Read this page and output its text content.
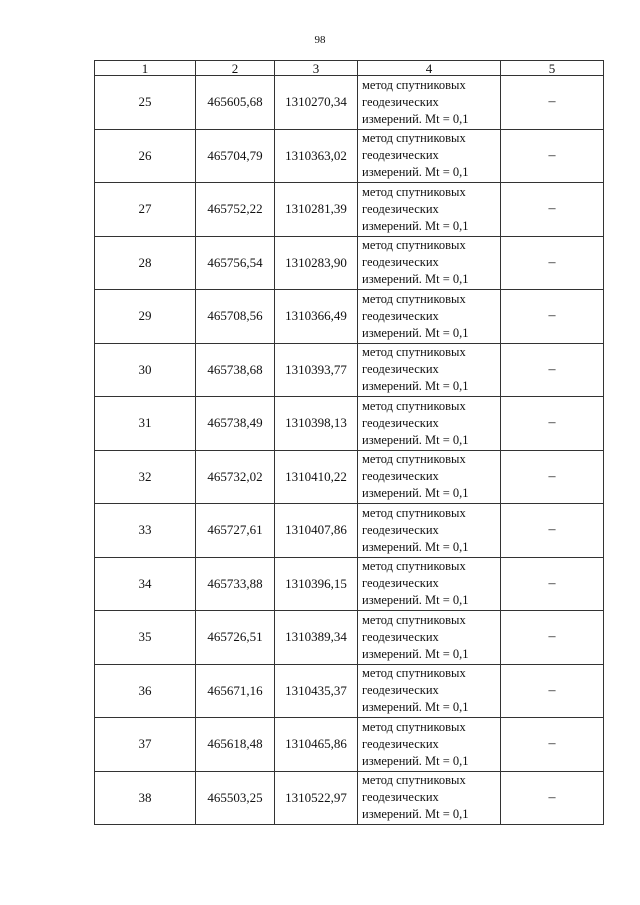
98
1	2	3	4	5
25	465605,68	1310270,34	метод спутниковых
геодезических
измерений. Mt = 0,1	–
26	465704,79	1310363,02	метод спутниковых
геодезических
измерений. Mt = 0,1	–
27	465752,22	1310281,39	метод спутниковых
геодезических
измерений. Mt = 0,1	–
28	465756,54	1310283,90	метод спутниковых
геодезических
измерений. Mt = 0,1	–
29	465708,56	1310366,49	метод спутниковых
геодезических
измерений. Mt = 0,1	–
30	465738,68	1310393,77	метод спутниковых
геодезических
измерений. Mt = 0,1	–
31	465738,49	1310398,13	метод спутниковых
геодезических
измерений. Mt = 0,1	–
32	465732,02	1310410,22	метод спутниковых
геодезических
измерений. Mt = 0,1	–
33	465727,61	1310407,86	метод спутниковых
геодезических
измерений. Mt = 0,1	–
34	465733,88	1310396,15	метод спутниковых
геодезических
измерений. Mt = 0,1	–
35	465726,51	1310389,34	метод спутниковых
геодезических
измерений. Mt = 0,1	–
36	465671,16	1310435,37	метод спутниковых
геодезических
измерений. Mt = 0,1	–
37	465618,48	1310465,86	метод спутниковых
геодезических
измерений. Mt = 0,1	–
38	465503,25	1310522,97	метод спутниковых
геодезических
измерений. Mt = 0,1	–
